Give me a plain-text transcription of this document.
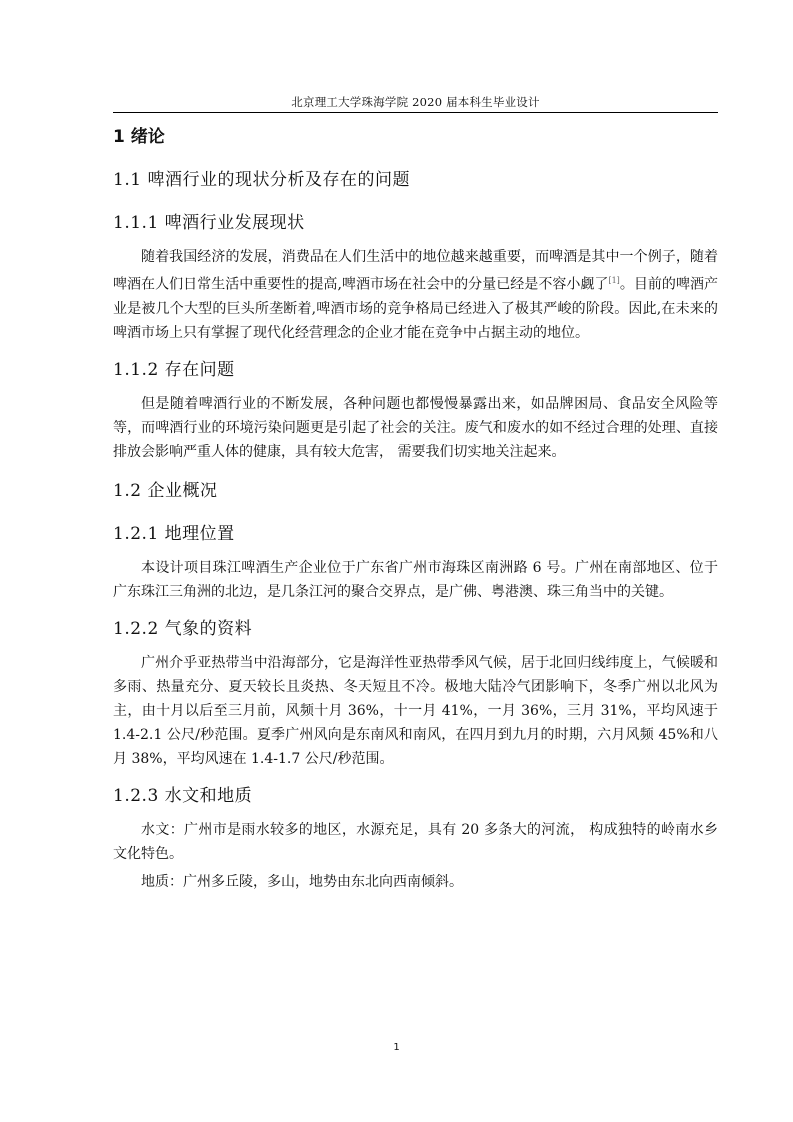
北京理工大学珠海学院 2020 届本科生毕业设计
1 绪论
1.1 啤酒行业的现状分析及存在的问题
1.1.1 啤酒行业发展现状

随着我国经济的发展，消费品在人们生活中的地位越来越重要，而啤酒是其中一个例子，随着啤酒在人们日常生活中重要性的提高,啤酒市场在社会中的分量已经是不容小觑了[1]。目前的啤酒产业是被几个大型的巨头所垄断着,啤酒市场的竞争格局已经进入了极其严峻的阶段。因此,在未来的啤酒市场上只有掌握了现代化经营理念的企业才能在竞争中占据主动的地位。

1.1.2 存在问题

但是随着啤酒行业的不断发展，各种问题也都慢慢暴露出来，如品牌困局、食品安全风险等等，而啤酒行业的环境污染问题更是引起了社会的关注。废气和废水的如不经过合理的处理、直接排放会影响严重人体的健康，具有较大危害， 需要我们切实地关注起来。

1.2 企业概况
1.2.1 地理位置

本设计项目珠江啤酒生产企业位于广东省广州市海珠区南洲路 6 号。广州在南部地区、位于广东珠江三角洲的北边，是几条江河的聚合交界点，是广佛、粤港澳、珠三角当中的关键。

1.2.2 气象的资料

广州介乎亚热带当中沿海部分，它是海洋性亚热带季风气候，居于北回归线纬度上，气候暖和多雨、热量充分、夏天较长且炎热、冬天短且不冷。极地大陆冷气团影响下，冬季广州以北风为主，由十月以后至三月前，风频十月 36%，十一月 41%，一月 36%，三月 31%，平均风速于 1.4-2.1 公尺/秒范围。夏季广州风向是东南风和南风，在四月到九月的时期，六月风频 45%和八月 38%，平均风速在 1.4-1.7 公尺/秒范围。

1.2.3 水文和地质

水文：广州市是雨水较多的地区，水源充足，具有 20 多条大的河流， 构成独特的岭南水乡文化特色。

地质：广州多丘陵，多山，地势由东北向西南倾斜。

1
